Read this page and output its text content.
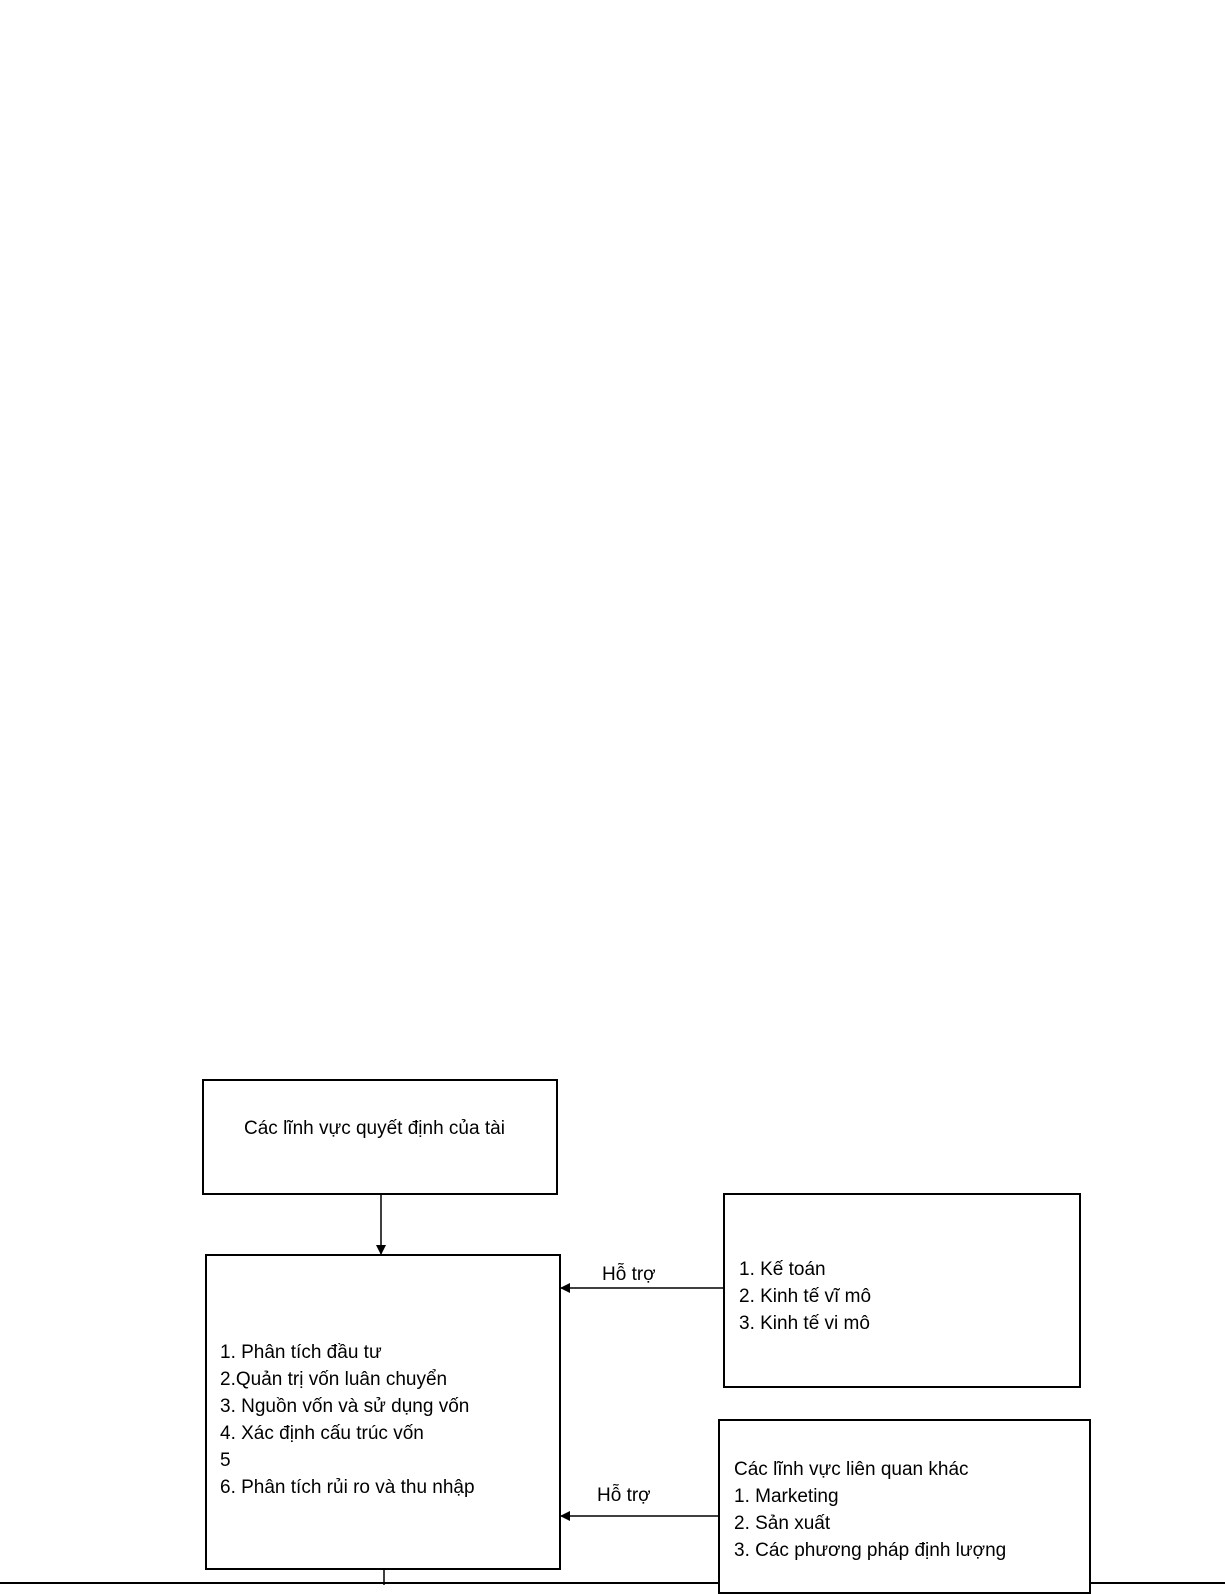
Các lĩnh vực quyết định của tài
1. Phân tích đầu tư
2.Quản trị vốn luân chuyển
3. Nguồn vốn và sử dụng vốn
4. Xác định cấu trúc vốn
5
6. Phân tích rủi ro và thu nhập
1. Kế toán
2. Kinh tế vĩ mô
3. Kinh tế vi mô
Các lĩnh vực liên quan khác
1. Marketing
2. Sản xuất
3. Các phương pháp định lượng
Hỗ trợ
Hỗ trợ
